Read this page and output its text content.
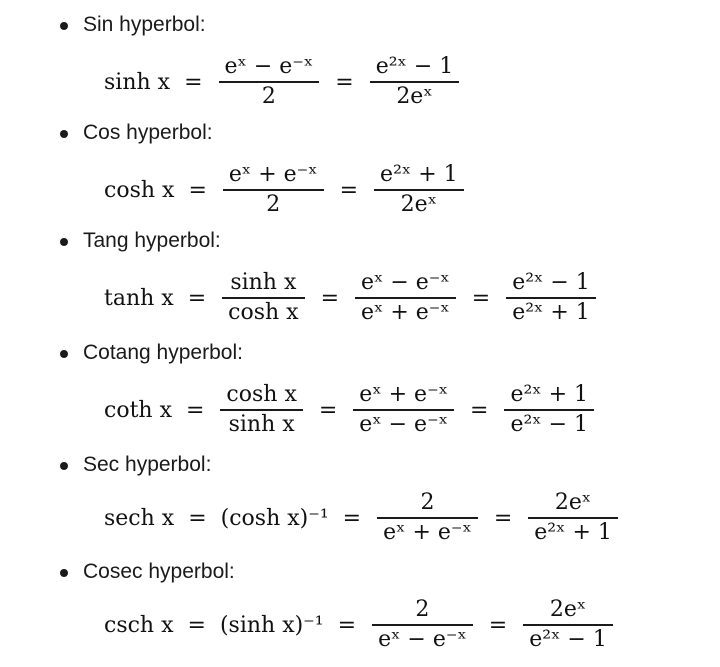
Sin hyperbol:
$\sinh x = \frac{\text{eˣ − e⁻ˣ}}{2} = \frac{\text{e²ˣ − 1}}{\text{2eˣ}}$
Cos hyperbol:
$\cosh x = \frac{\text{eˣ + e⁻ˣ}}{2} = \frac{\text{e²ˣ + 1}}{\text{2eˣ}}$
Tang hyperbol:
$\tanh x = \frac{\text{sinh x}}{\text{cosh x}} = \frac{\text{eˣ − e⁻ˣ}}{\text{eˣ + e⁻ˣ}} = \frac{\text{e²ˣ − 1}}{\text{e²ˣ + 1}}$
Cotang hyperbol:
coth $x = \frac{\text{cosh x}}{\text{sinh x}} = \frac{\text{eˣ + e⁻ˣ}}{\text{eˣ − e⁻ˣ}} = \frac{\text{e²ˣ + 1}}{\text{e²ˣ − 1}}$
Sec hyperbol:
sech x = (cosh $x)^{-1} = \frac{2}{\text{eˣ + e⁻ˣ}} = \frac{\text{2eˣ}}{\text{e²ˣ + 1}}$
Cosec hyperbol:
csch x = (sinh $x)^{-1} = \frac{2}{\text{eˣ − e⁻ˣ}} = \frac{\text{2eˣ}}{\text{e²ˣ − 1}}$
